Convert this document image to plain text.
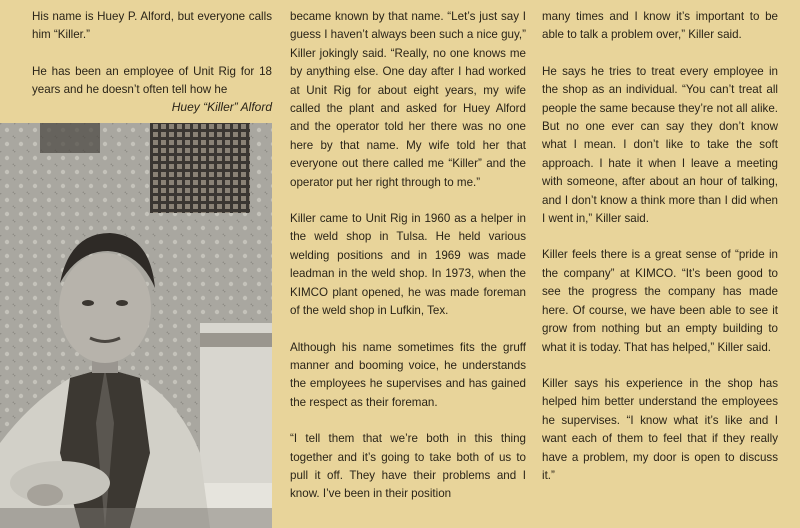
His name is Huey P. Alford, but everyone calls him “Killer.”

He has been an employee of Unit Rig for 18 years and he doesn’t often tell how he

Huey “Killer” Alford

became known by that name. “Let’s just say I guess I haven’t always been such a nice guy,” Killer jokingly said. “Really, no one knows me by anything else. One day after I had worked at Unit Rig for about eight years, my wife called the plant and asked for Huey Alford and the operator told her there was no one here by that name. My wife told her that everyone out there called me “Killer” and the operator put her right through to me.”

Killer came to Unit Rig in 1960 as a helper in the weld shop in Tulsa. He held various welding positions and in 1969 was made leadman in the weld shop. In 1973, when the KIMCO plant opened, he was made foreman of the weld shop in Lufkin, Tex.

Although his name sometimes fits the gruff manner and booming voice, he understands the employees he supervises and has gained the respect as their foreman.

“I tell them that we’re both in this thing together and it’s going to take both of us to pull it off. They have their problems and I know. I’ve been in their position

many times and I know it’s important to be able to talk a problem over,” Killer said.

He says he tries to treat every employee in the shop as an individual. “You can’t treat all people the same because they’re not all alike. But no one ever can say they don’t know what I mean. I don’t like to take the soft approach. I hate it when I leave a meeting with someone, after about an hour of talking, and I don’t know a think more than I did when I went in,” Killer said.

Killer feels there is a great sense of “pride in the company” at KIMCO. “It’s been good to see the progress the company has made here. Of course, we have been able to see it grow from nothing but an empty building to what it is today. That has helped,” Killer said.

Killer says his experience in the shop has helped him better understand the employees he supervises. “I know what it’s like and I want each of them to feel that if they really have a problem, my door is open to discuss it.”
